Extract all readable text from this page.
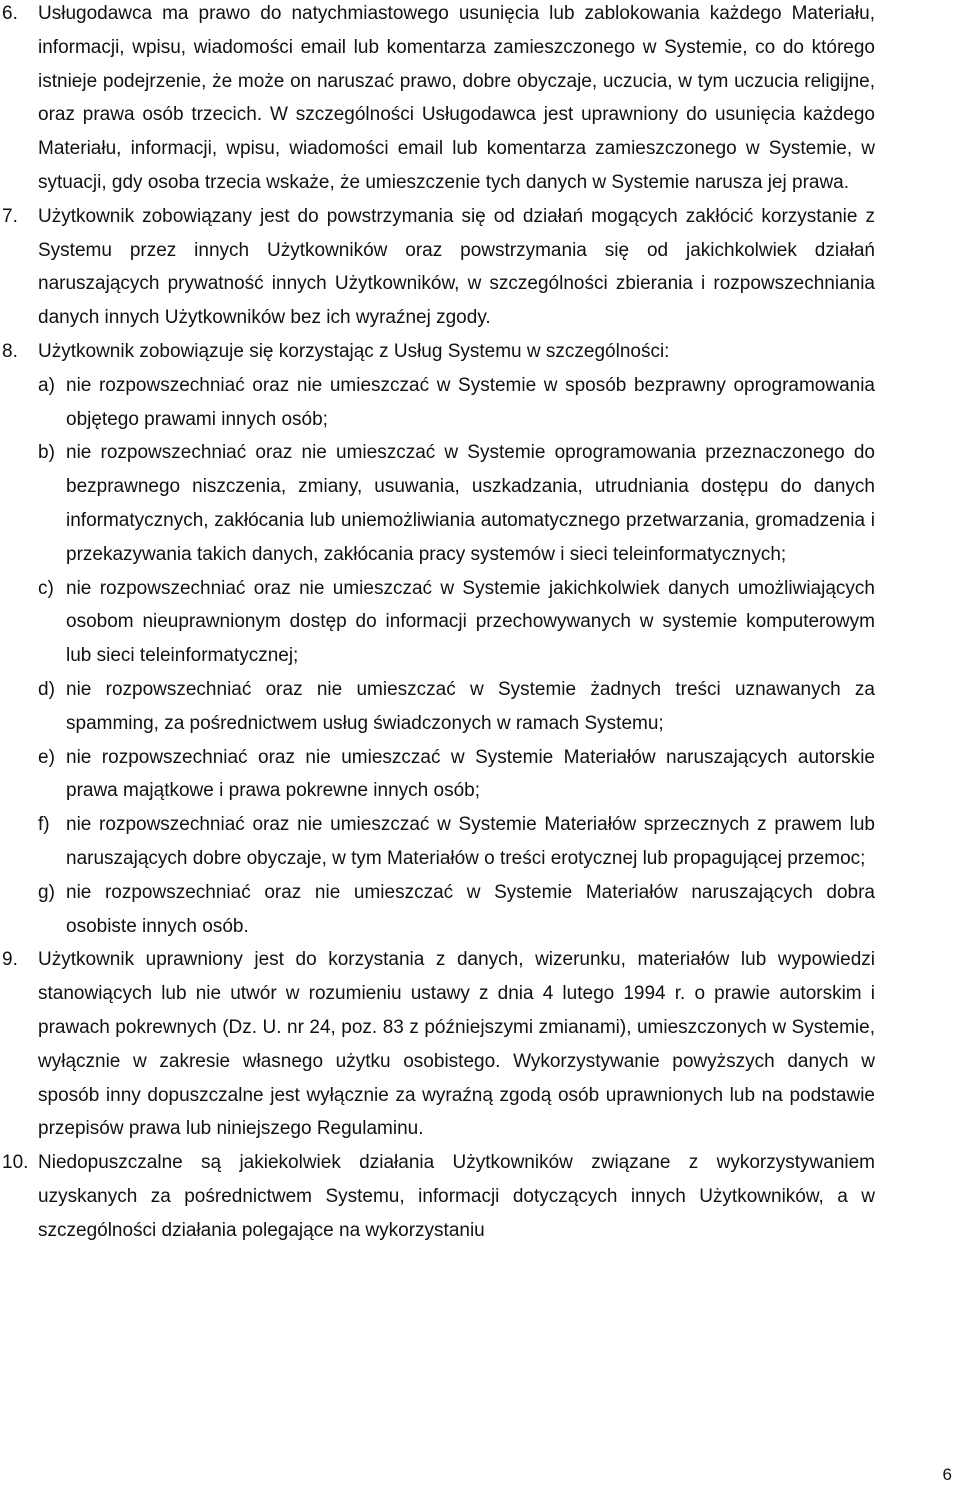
6.	Usługodawca ma prawo do natychmiastowego usunięcia lub zablokowania każdego Materiału, informacji, wpisu, wiadomości email lub komentarza zamieszczonego w Systemie, co do którego istnieje podejrzenie, że może on naruszać prawo, dobre obyczaje, uczucia, w tym uczucia religijne, oraz prawa osób trzecich. W szczególności Usługodawca jest uprawniony do usunięcia każdego Materiału, informacji, wpisu, wiadomości email lub komentarza zamieszczonego w Systemie, w sytuacji, gdy osoba trzecia wskaże, że umieszczenie tych danych w Systemie narusza jej prawa.

7.	Użytkownik zobowiązany jest do powstrzymania się od działań mogących zakłócić korzystanie z Systemu przez innych Użytkowników oraz powstrzymania się od jakichkolwiek działań naruszających prywatność innych Użytkowników, w szczególności zbierania i rozpowszechniania danych innych Użytkowników bez ich wyraźnej zgody.

8.	Użytkownik zobowiązuje się korzystając z Usług Systemu w szczególności:

a) nie rozpowszechniać oraz nie umieszczać w Systemie w sposób bezprawny oprogramowania objętego prawami innych osób;

b) nie rozpowszechniać oraz nie umieszczać w Systemie oprogramowania przeznaczonego do bezprawnego niszczenia, zmiany, usuwania, uszkadzania, utrudniania dostępu do danych informatycznych, zakłócania lub uniemożliwiania automatycznego przetwarzania, gromadzenia i przekazywania takich danych, zakłócania pracy systemów i sieci teleinformatycznych;

c) nie rozpowszechniać oraz nie umieszczać w Systemie jakichkolwiek danych umożliwiających osobom nieuprawnionym dostęp do informacji przechowywanych w systemie komputerowym lub sieci teleinformatycznej;

d) nie rozpowszechniać oraz nie umieszczać w Systemie żadnych treści uznawanych za spamming, za pośrednictwem usług świadczonych w ramach Systemu;

e) nie rozpowszechniać oraz nie umieszczać w Systemie Materiałów naruszających autorskie prawa majątkowe i prawa pokrewne innych osób;

f) nie rozpowszechniać oraz nie umieszczać w Systemie Materiałów sprzecznych z prawem lub naruszających dobre obyczaje, w tym Materiałów o treści erotycznej lub propagującej przemoc;

g) nie rozpowszechniać oraz nie umieszczać w Systemie Materiałów naruszających dobra osobiste innych osób.

9.	Użytkownik uprawniony jest do korzystania z danych, wizerunku, materiałów lub wypowiedzi stanowiących lub nie utwór w rozumieniu ustawy z dnia 4 lutego 1994 r. o prawie autorskim i prawach pokrewnych (Dz. U. nr 24, poz. 83 z późniejszymi zmianami), umieszczonych w Systemie, wyłącznie w zakresie własnego użytku osobistego. Wykorzystywanie powyższych danych w sposób inny dopuszczalne jest wyłącznie za wyraźną zgodą osób uprawnionych lub na podstawie przepisów prawa lub niniejszego Regulaminu.

10. Niedopuszczalne są jakiekolwiek działania Użytkowników związane z wykorzystywaniem uzyskanych za pośrednictwem Systemu, informacji dotyczących innych Użytkowników, a w szczególności działania polegające na wykorzystaniu

6
